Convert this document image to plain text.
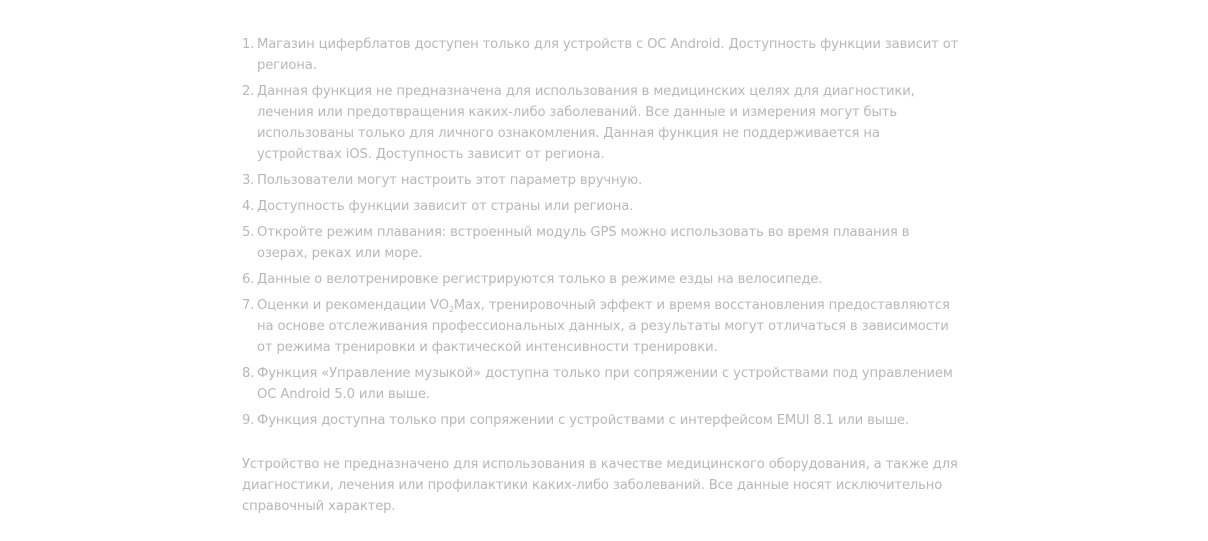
1. Магазин циферблатов доступен только для устройств с ОС Android. Доступность функции зависит от региона.
2. Данная функция не предназначена для использования в медицинских целях для диагностики, лечения или предотвращения каких-либо заболеваний. Все данные и измерения могут быть использованы только для личного ознакомления. Данная функция не поддерживается на устройствах iOS. Доступность зависит от региона.
3. Пользователи могут настроить этот параметр вручную.
4. Доступность функции зависит от страны или региона.
5. Откройте режим плавания: встроенный модуль GPS можно использовать во время плавания в озерах, реках или море.
6. Данные о велотренировке регистрируются только в режиме езды на велосипеде.
7. Оценки и рекомендации $VO_2Max$, тренировочный эффект и время восстановления предоставляются на основе отслеживания профессиональных данных, а результаты могут отличаться в зависимости от режима тренировки и фактической интенсивности тренировки.
8. Функция «Управление музыкой» доступна только при сопряжении с устройствами под управлением ОС Android 5.0 или выше.
9. Функция доступна только при сопряжении с устройствами с интерфейсом EMUI 8.1 или выше.

Устройство не предназначено для использования в качестве медицинского оборудования, а также для диагностики, лечения или профилактики каких-либо заболеваний. Все данные носят исключительно справочный характер.
